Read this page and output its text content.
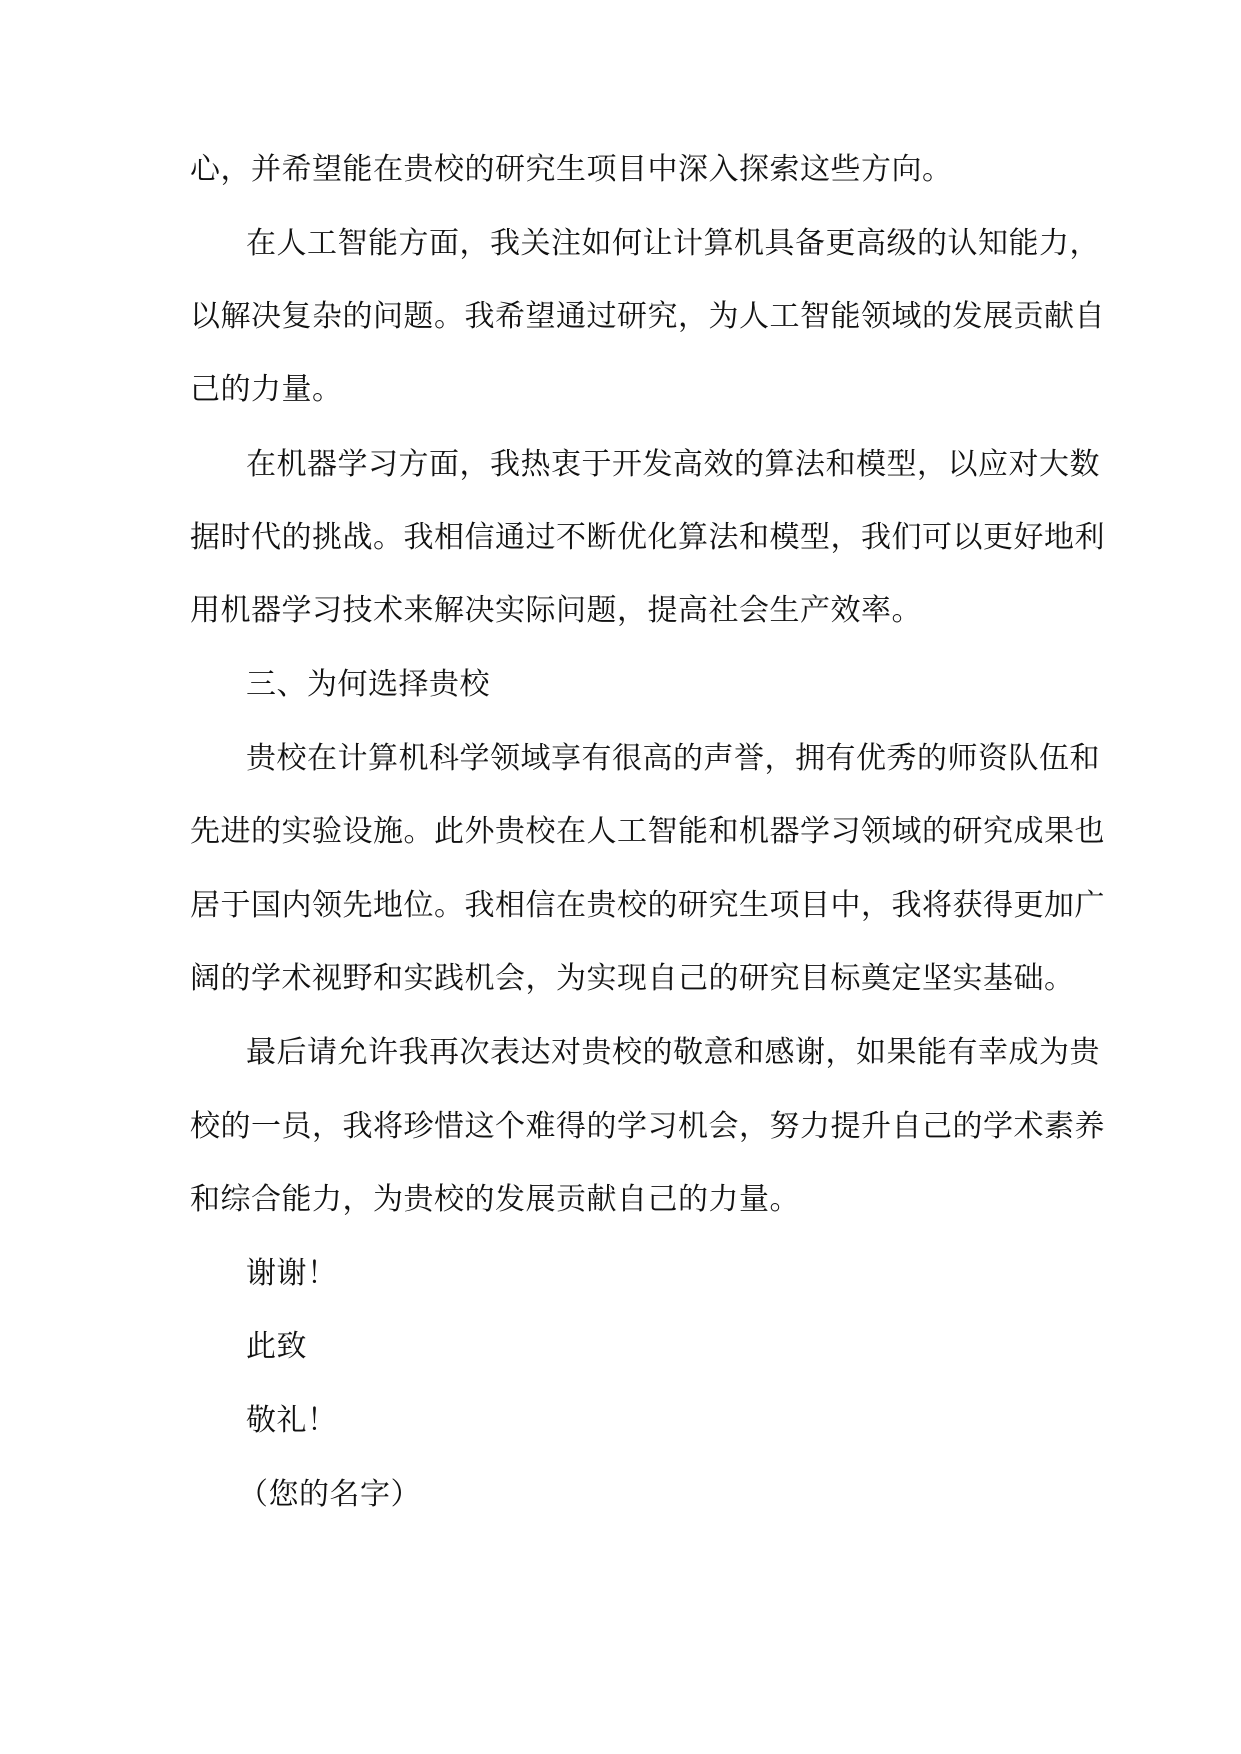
心，并希望能在贵校的研究生项目中深入探索这些方向。
在人工智能方面，我关注如何让计算机具备更高级的认知能力，
以解决复杂的问题。我希望通过研究，为人工智能领域的发展贡献自
己的力量。
在机器学习方面，我热衷于开发高效的算法和模型，以应对大数
据时代的挑战。我相信通过不断优化算法和模型，我们可以更好地利
用机器学习技术来解决实际问题，提高社会生产效率。
三、为何选择贵校
贵校在计算机科学领域享有很高的声誉，拥有优秀的师资队伍和
先进的实验设施。此外贵校在人工智能和机器学习领域的研究成果也
居于国内领先地位。我相信在贵校的研究生项目中，我将获得更加广
阔的学术视野和实践机会，为实现自己的研究目标奠定坚实基础。
最后请允许我再次表达对贵校的敬意和感谢，如果能有幸成为贵
校的一员，我将珍惜这个难得的学习机会，努力提升自己的学术素养
和综合能力，为贵校的发展贡献自己的力量。
谢谢！
此致
敬礼！
（您的名字）
